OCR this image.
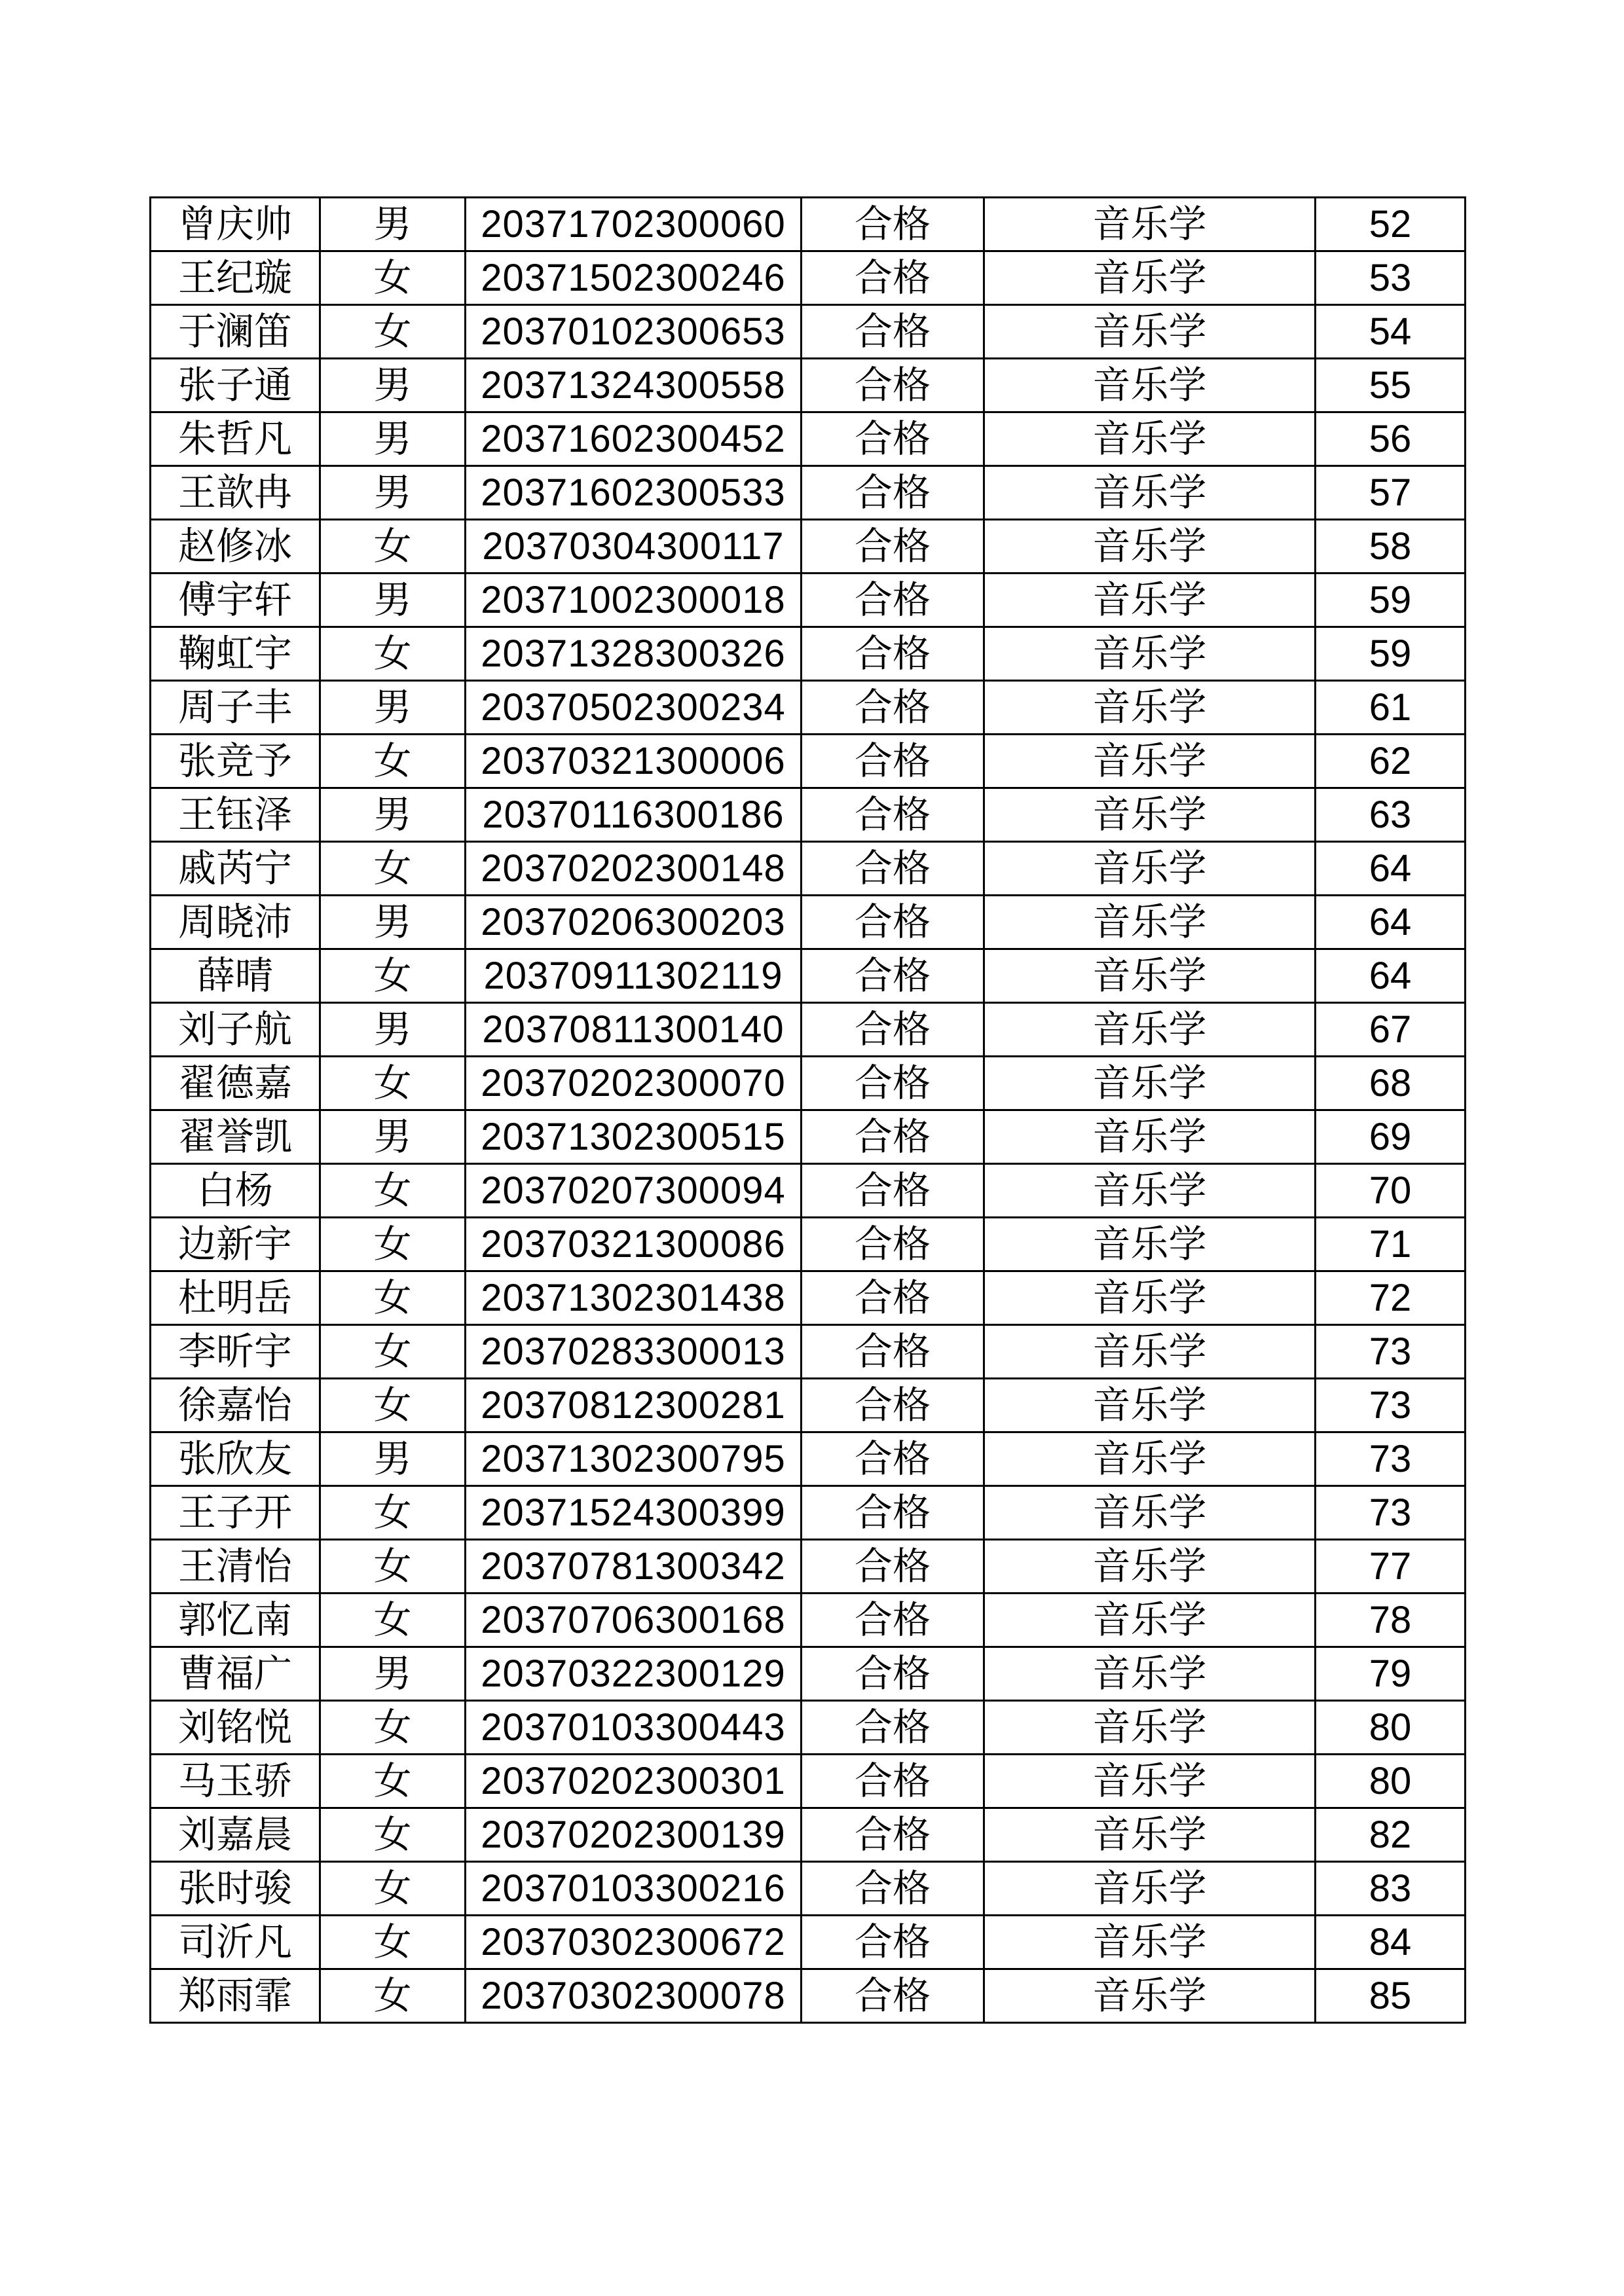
曾庆帅	男	20371702300060	合格	音乐学	52
王纪璇	女	20371502300246	合格	音乐学	53
于澜笛	女	20370102300653	合格	音乐学	54
张子通	男	20371324300558	合格	音乐学	55
朱哲凡	男	20371602300452	合格	音乐学	56
王歆冉	男	20371602300533	合格	音乐学	57
赵修冰	女	20370304300117	合格	音乐学	58
傅宇轩	男	20371002300018	合格	音乐学	59
鞠虹宇	女	20371328300326	合格	音乐学	59
周子丰	男	20370502300234	合格	音乐学	61
张竞予	女	20370321300006	合格	音乐学	62
王钰泽	男	20370116300186	合格	音乐学	63
戚芮宁	女	20370202300148	合格	音乐学	64
周晓沛	男	20370206300203	合格	音乐学	64
薛晴	女	20370911302119	合格	音乐学	64
刘子航	男	20370811300140	合格	音乐学	67
翟德嘉	女	20370202300070	合格	音乐学	68
翟誉凯	男	20371302300515	合格	音乐学	69
白杨	女	20370207300094	合格	音乐学	70
边新宇	女	20370321300086	合格	音乐学	71
杜明岳	女	20371302301438	合格	音乐学	72
李昕宇	女	20370283300013	合格	音乐学	73
徐嘉怡	女	20370812300281	合格	音乐学	73
张欣友	男	20371302300795	合格	音乐学	73
王子开	女	20371524300399	合格	音乐学	73
王清怡	女	20370781300342	合格	音乐学	77
郭忆南	女	20370706300168	合格	音乐学	78
曹福广	男	20370322300129	合格	音乐学	79
刘铭悦	女	20370103300443	合格	音乐学	80
马玉骄	女	20370202300301	合格	音乐学	80
刘嘉晨	女	20370202300139	合格	音乐学	82
张时骏	女	20370103300216	合格	音乐学	83
司沂凡	女	20370302300672	合格	音乐学	84
郑雨霏	女	20370302300078	合格	音乐学	85
